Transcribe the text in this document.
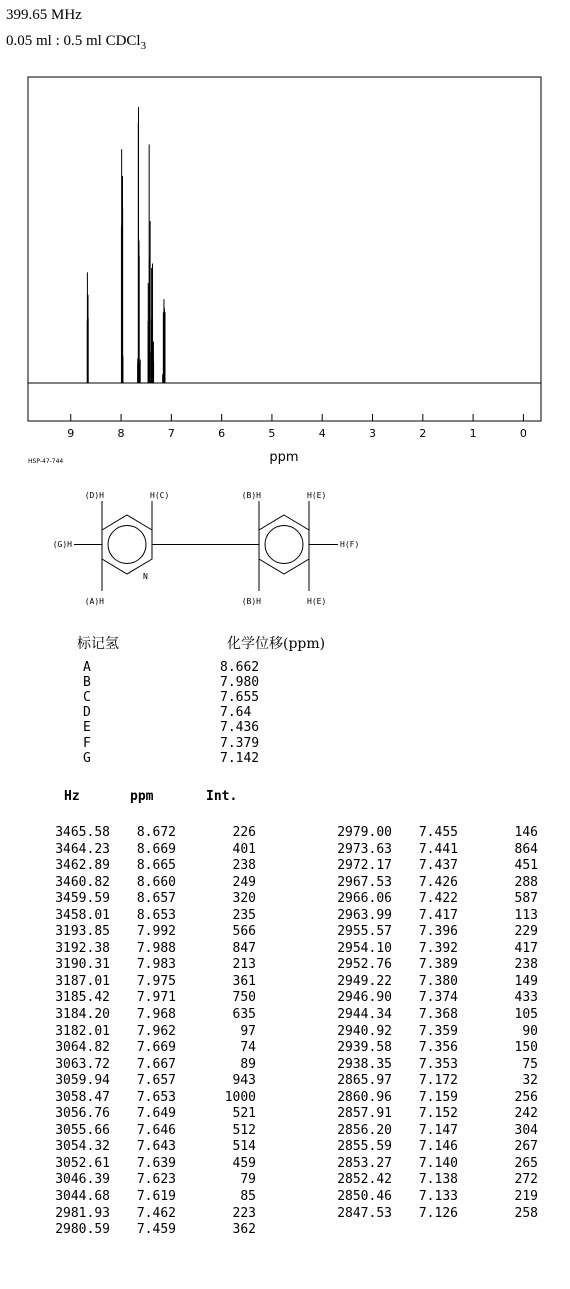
399.65 MHz
0.05 ml : 0.5 ml CDCl$_3$
9	8	7	6	5	4	3	2	1	0
ppm
HSP-47-744
(D)H	H(C)	(B)H	H(E)
(G)H	H(F)
N
(A)H	(B)H	H(E)
标记氢	化学位移(ppm)
A	8.662
B	7.980
C	7.655
D	7.64
E	7.436
F	7.379
G	7.142
Hz	ppm	Int.
3465.58 8.672	226
3464.23 8.669	401
3462.89 8.665	238
3460.82 8.660	249
3459.59 8.657	320
3458.01 8.653	235
3193.85 7.992	566
3192.38 7.988	847
3190.31 7.983	213
3187.01 7.975	361
3185.42 7.971	750
3184.20 7.968	635
3182.01 7.962	97
3064.82 7.669	74
3063.72 7.667	89
3059.94 7.657	943
3058.47 7.653	1000
3056.76 7.649	521
3055.66 7.646	512
3054.32 7.643	514
3052.61 7.639	459
3046.39 7.623	79
3044.68 7.619	85
2981.93 7.462	223
2980.59 7.459	362
2979.00 7.455	146
2973.63 7.441	864
2972.17 7.437	451
2967.53 7.426	288
2966.06 7.422	587
2963.99 7.417	113
2955.57 7.396	229
2954.10 7.392	417
2952.76 7.389	238
2949.22 7.380	149
2946.90 7.374	433
2944.34 7.368	105
2940.92 7.359	90
2939.58 7.356	150
2938.35 7.353	75
2865.97 7.172	32
2860.96 7.159	256
2857.91 7.152	242
2856.20 7.147	304
2855.59 7.146	267
2853.27 7.140	265
2852.42 7.138	272
2850.46 7.133	219
2847.53 7.126	258
